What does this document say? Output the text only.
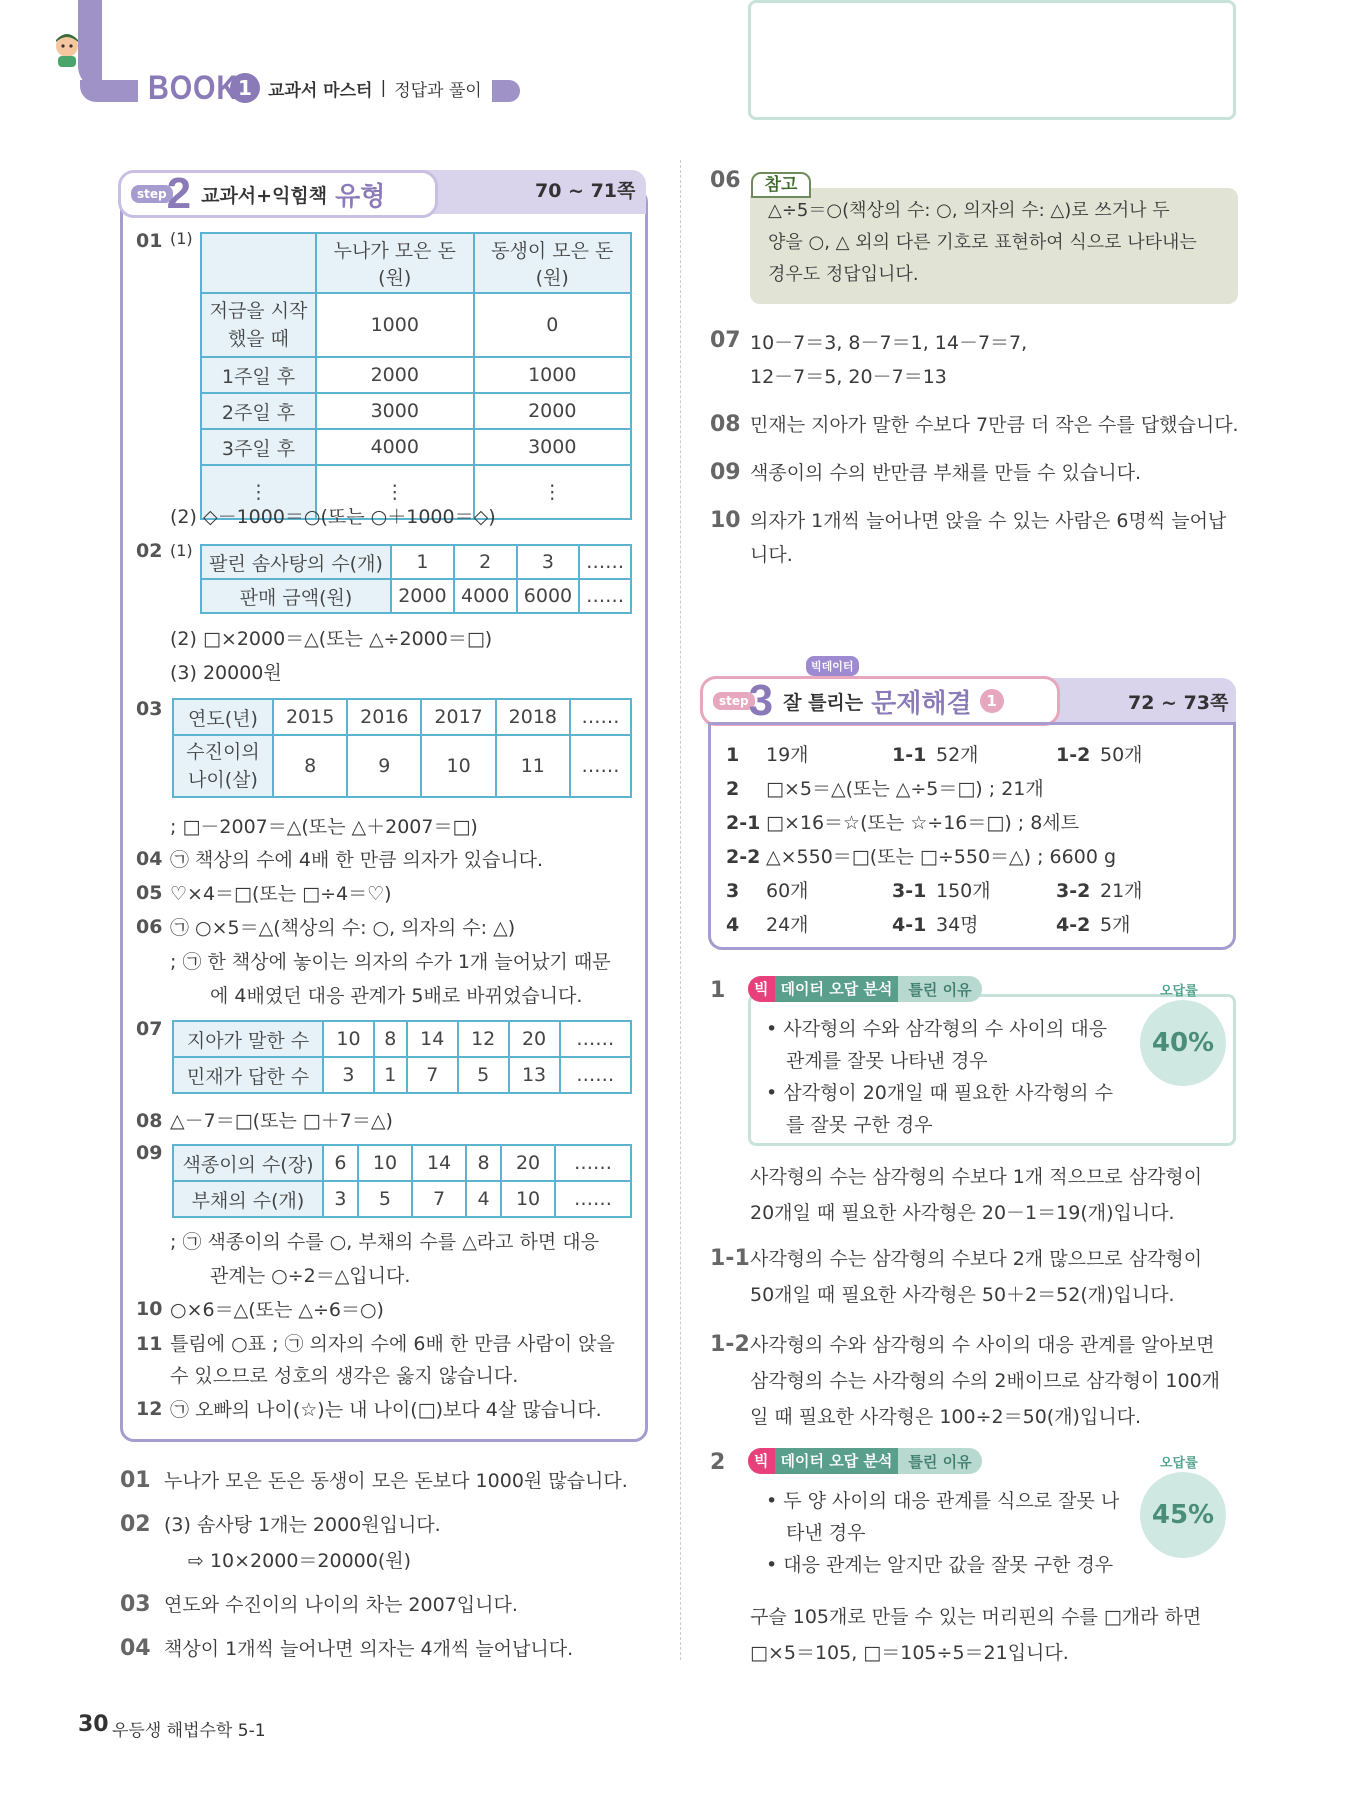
BOOK 1 교과서 마스터 | 정답과 풀이
step 2 교과서+익힘책 유형	70 ~ 71쪽
01 (1)
	누나가 모은 돈(원)	동생이 모은 돈(원)
저금을 시작
했을 때	1000	0
1주일 후	2000	1000
2주일 후	3000	2000
3주일 후	4000	3000
⋮	⋮	⋮
(2) ◇－1000＝○(또는 ○＋1000＝◇)
02 (1)
팔린 솜사탕의 수(개)	1	2	3	……
판매 금액(원)	2000	4000	6000	……
(2) □×2000＝△(또는 △÷2000＝□)
(3) 20000원
03 연도(년)	2015	2016	2017	2018	……
수진이의
나이(살)	8	9	10	11	……
; □－2007＝△(또는 △＋2007＝□)
04 ㉠ 책상의 수에 4배 한 만큼 의자가 있습니다.
05 ♡×4＝□(또는 □÷4＝♡)
06 ㉠ ○×5＝△(책상의 수: ○, 의자의 수: △)
; ㉠ 한 책상에 놓이는 의자의 수가 1개 늘어났기 때문
에 4배였던 대응 관계가 5배로 바뀌었습니다.
07
지아가 말한 수	10	8	14	12	20	……
민재가 답한 수	3	1	7	5	13	……
08 △－7＝□(또는 □＋7＝△)
09
색종이의 수(장)	6	10	14	8	20	……
부채의 수(개)	3	5	7	4	10	……
; ㉠ 색종이의 수를 ○, 부채의 수를 △라고 하면 대응
관계는 ○÷2＝△입니다.
10 ○×6＝△(또는 △÷6＝○)
11 틀림에 ○표 ; ㉠ 의자의 수에 6배 한 만큼 사람이 앉을
수 있으므로 성호의 생각은 옳지 않습니다.
12 ㉠ 오빠의 나이(☆)는 내 나이(□)보다 4살 많습니다.
01 누나가 모은 돈은 동생이 모은 돈보다 1000원 많습니다.
02 (3) 솜사탕 1개는 2000원입니다.
⇨ 10×2000＝20000(원)
03 연도와 수진이의 나이의 차는 2007입니다.
04 책상이 1개씩 늘어나면 의자는 4개씩 늘어납니다.
06	참고
△÷5＝○(책상의 수: ○, 의자의 수: △)로 쓰거나 두
양을 ○, △ 외의 다른 기호로 표현하여 식으로 나타내는
경우도 정답입니다.
07 10－7＝3, 8－7＝1, 14－7＝7,
12－7＝5, 20－7＝13
08 민재는 지아가 말한 수보다 7만큼 더 작은 수를 답했습니다.
09 색종이의 수의 반만큼 부채를 만들 수 있습니다.
10 의자가 1개씩 늘어나면 앉을 수 있는 사람은 6명씩 늘어납
니다.
step 3 잘 틀리는 문제해결 1
빅데이터
72 ~ 73쪽
1 19개	1-1 52개	1-2 50개
2 □×5＝△(또는 △÷5＝□) ; 21개
2-1 □×16＝☆(또는 ☆÷16＝□) ; 8세트
2-2 △×550＝□(또는 □÷550＝△) ; 6600 g
3 60개	3-1 150개	3-2 21개
4 24개	4-1 34명	4-2 5개
1	빅 데이터 오답 분석	틀린 이유	오답률
40%
• 사각형의 수와 삼각형의 수 사이의 대응
관계를 잘못 나타낸 경우
• 삼각형이 20개일 때 필요한 사각형의 수
를 잘못 구한 경우
사각형의 수는 삼각형의 수보다 1개 적으므로 삼각형이
20개일 때 필요한 사각형은 20－1＝19(개)입니다.
1-1 사각형의 수는 삼각형의 수보다 2개 많으므로 삼각형이
50개일 때 필요한 사각형은 50＋2＝52(개)입니다.
1-2 사각형의 수와 삼각형의 수 사이의 대응 관계를 알아보면
삼각형의 수는 사각형의 수의 2배이므로 삼각형이 100개
일 때 필요한 사각형은 100÷2＝50(개)입니다.
2	빅 데이터 오답 분석	틀린 이유	오답률
45%
• 두 양 사이의 대응 관계를 식으로 잘못 나
타낸 경우
• 대응 관계는 알지만 값을 잘못 구한 경우
구슬 105개로 만들 수 있는 머리핀의 수를 □개라 하면
□×5＝105, □＝105÷5＝21입니다.
30 우등생 해법수학 5-1
